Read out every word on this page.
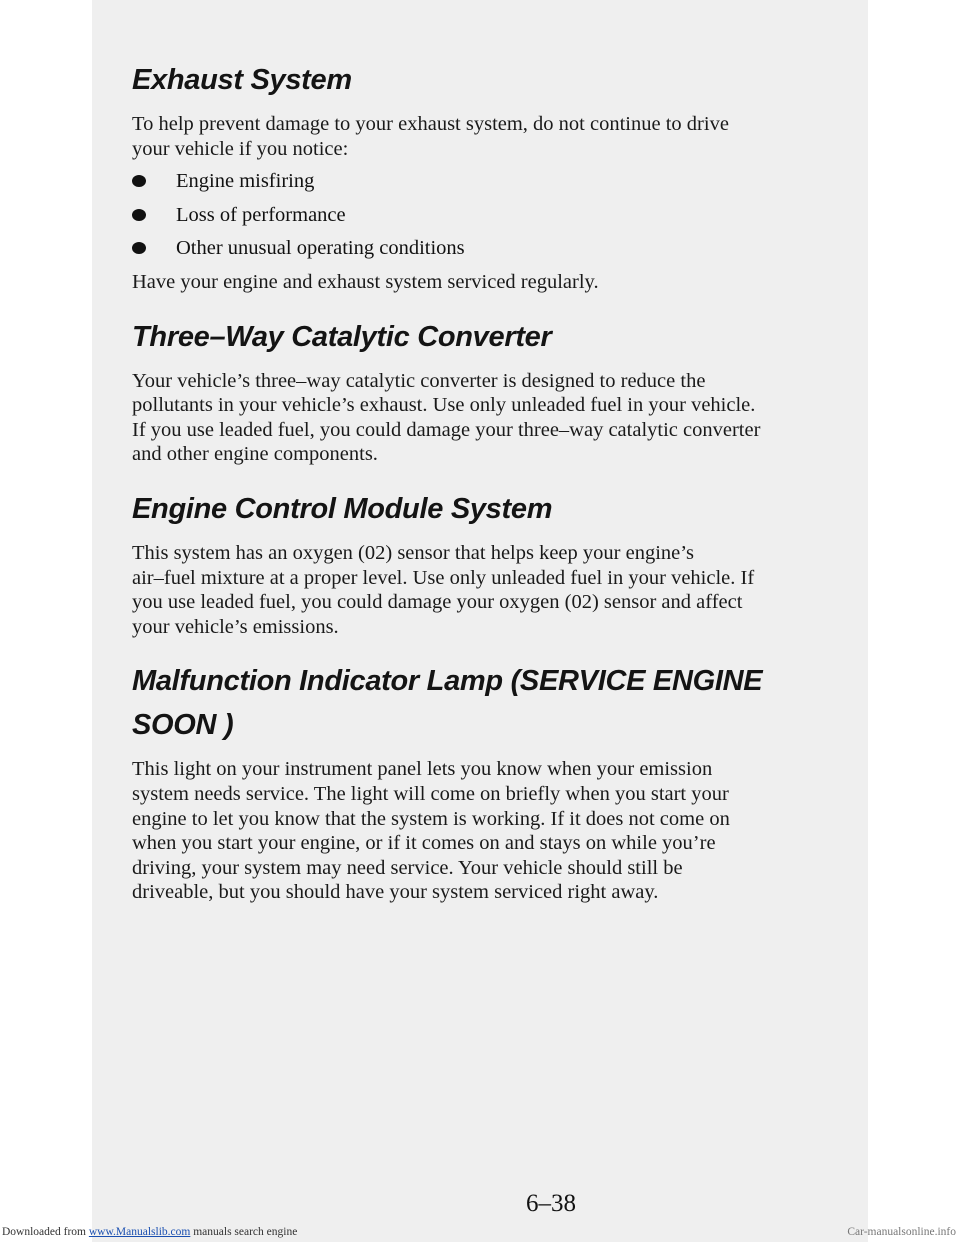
Exhaust System

To help prevent damage to your exhaust system, do not continue to drive

your vehicle if you notice:

Engine misfiring
Loss of performance
Other unusual operating conditions

Have your engine and exhaust system serviced regularly.

Three–Way Catalytic Converter

Your vehicle’s three–way catalytic converter is designed to reduce the

pollutants in your vehicle’s exhaust. Use only unleaded fuel in your vehicle.

If you use leaded fuel, you could damage your three–way catalytic converter

and other engine components.

Engine Control Module System

This system has an oxygen (02) sensor that helps keep your engine’s

air–fuel mixture at a proper level. Use only unleaded fuel in your vehicle. If

you use leaded fuel, you could damage your oxygen (02) sensor and affect

your vehicle’s emissions.

Malfunction Indicator Lamp (SERVICE ENGINE SOON )

This light on your instrument panel lets you know when your emission

system needs service. The light will come on briefly when you start your

engine to let you know that the system is working. If it does not come on

when you start your engine, or if it comes on and stays on while you’re

driving, your system may need service. Your vehicle should still be

driveable, but you should have your system serviced right away.

6–38
Downloaded from www.Manualslib.com manuals search engine	Car-manualsonline.info
